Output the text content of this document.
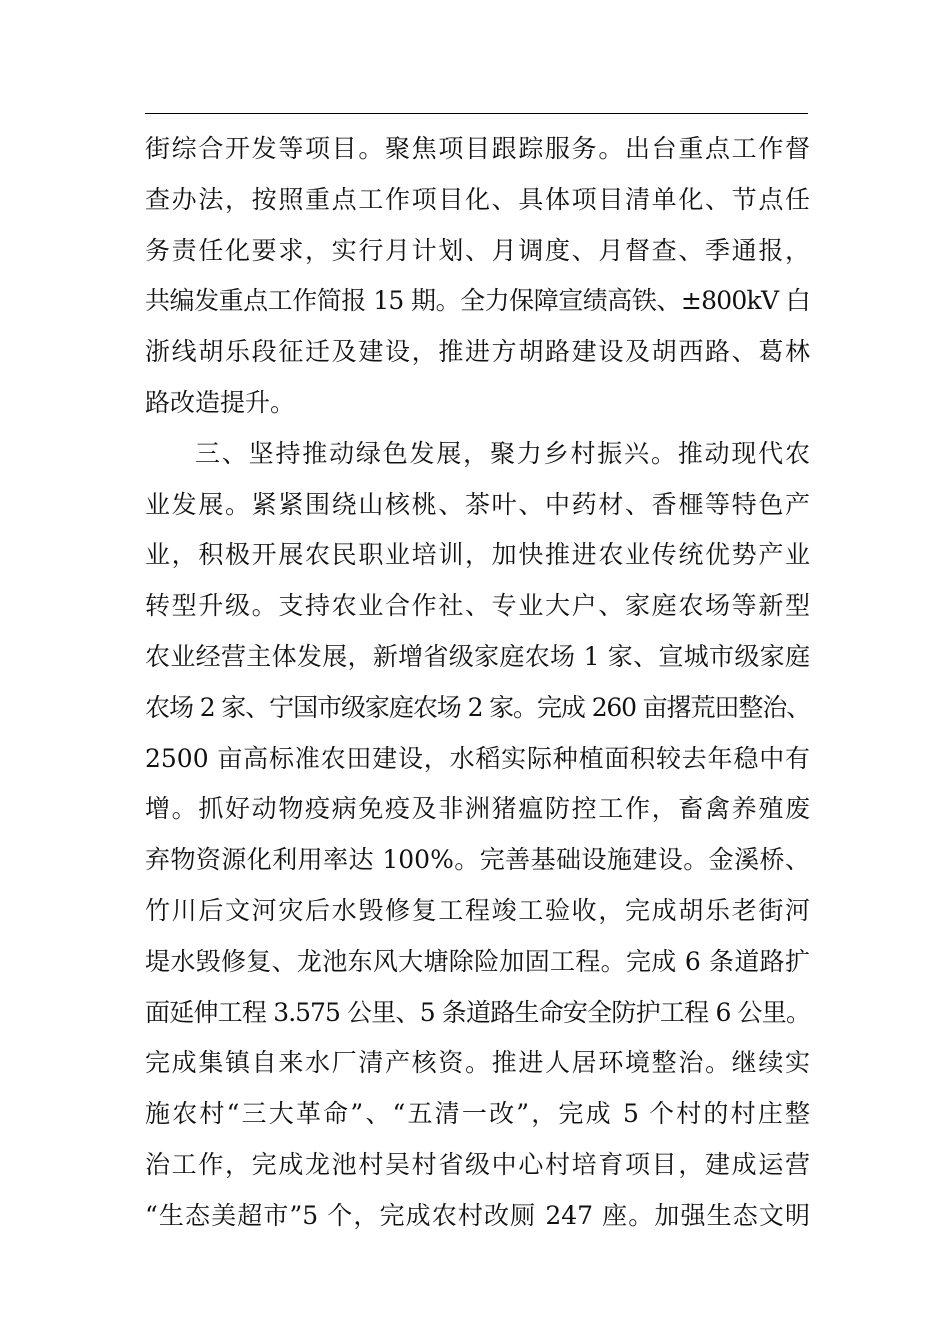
街综合开发等项目。聚焦项目跟踪服务。出台重点工作督
查办法，按照重点工作项目化、具体项目清单化、节点任
务责任化要求，实行月计划、月调度、月督查、季通报，
共编发重点工作简报 15 期。全力保障宣绩高铁、±800kV 白
浙线胡乐段征迁及建设，推进方胡路建设及胡西路、葛林
路改造提升。
三、坚持推动绿色发展，聚力乡村振兴。推动现代农
业发展。紧紧围绕山核桃、茶叶、中药材、香榧等特色产
业，积极开展农民职业培训，加快推进农业传统优势产业
转型升级。支持农业合作社、专业大户、家庭农场等新型
农业经营主体发展，新增省级家庭农场 1 家、宣城市级家庭
农场 2 家、宁国市级家庭农场 2 家。完成 260 亩撂荒田整治、
2500 亩高标准农田建设，水稻实际种植面积较去年稳中有
增。抓好动物疫病免疫及非洲猪瘟防控工作，畜禽养殖废
弃物资源化利用率达 100%。完善基础设施建设。金溪桥、
竹川后文河灾后水毁修复工程竣工验收，完成胡乐老街河
堤水毁修复、龙池东风大塘除险加固工程。完成 6 条道路扩
面延伸工程 3.575 公里、5 条道路生命安全防护工程 6 公里。
完成集镇自来水厂清产核资。推进人居环境整治。继续实
施农村“三大革命”、“五清一改”，完成 5 个村的村庄整
治工作，完成龙池村吴村省级中心村培育项目，建成运营
“生态美超市”5 个，完成农村改厕 247 座。加强生态文明
